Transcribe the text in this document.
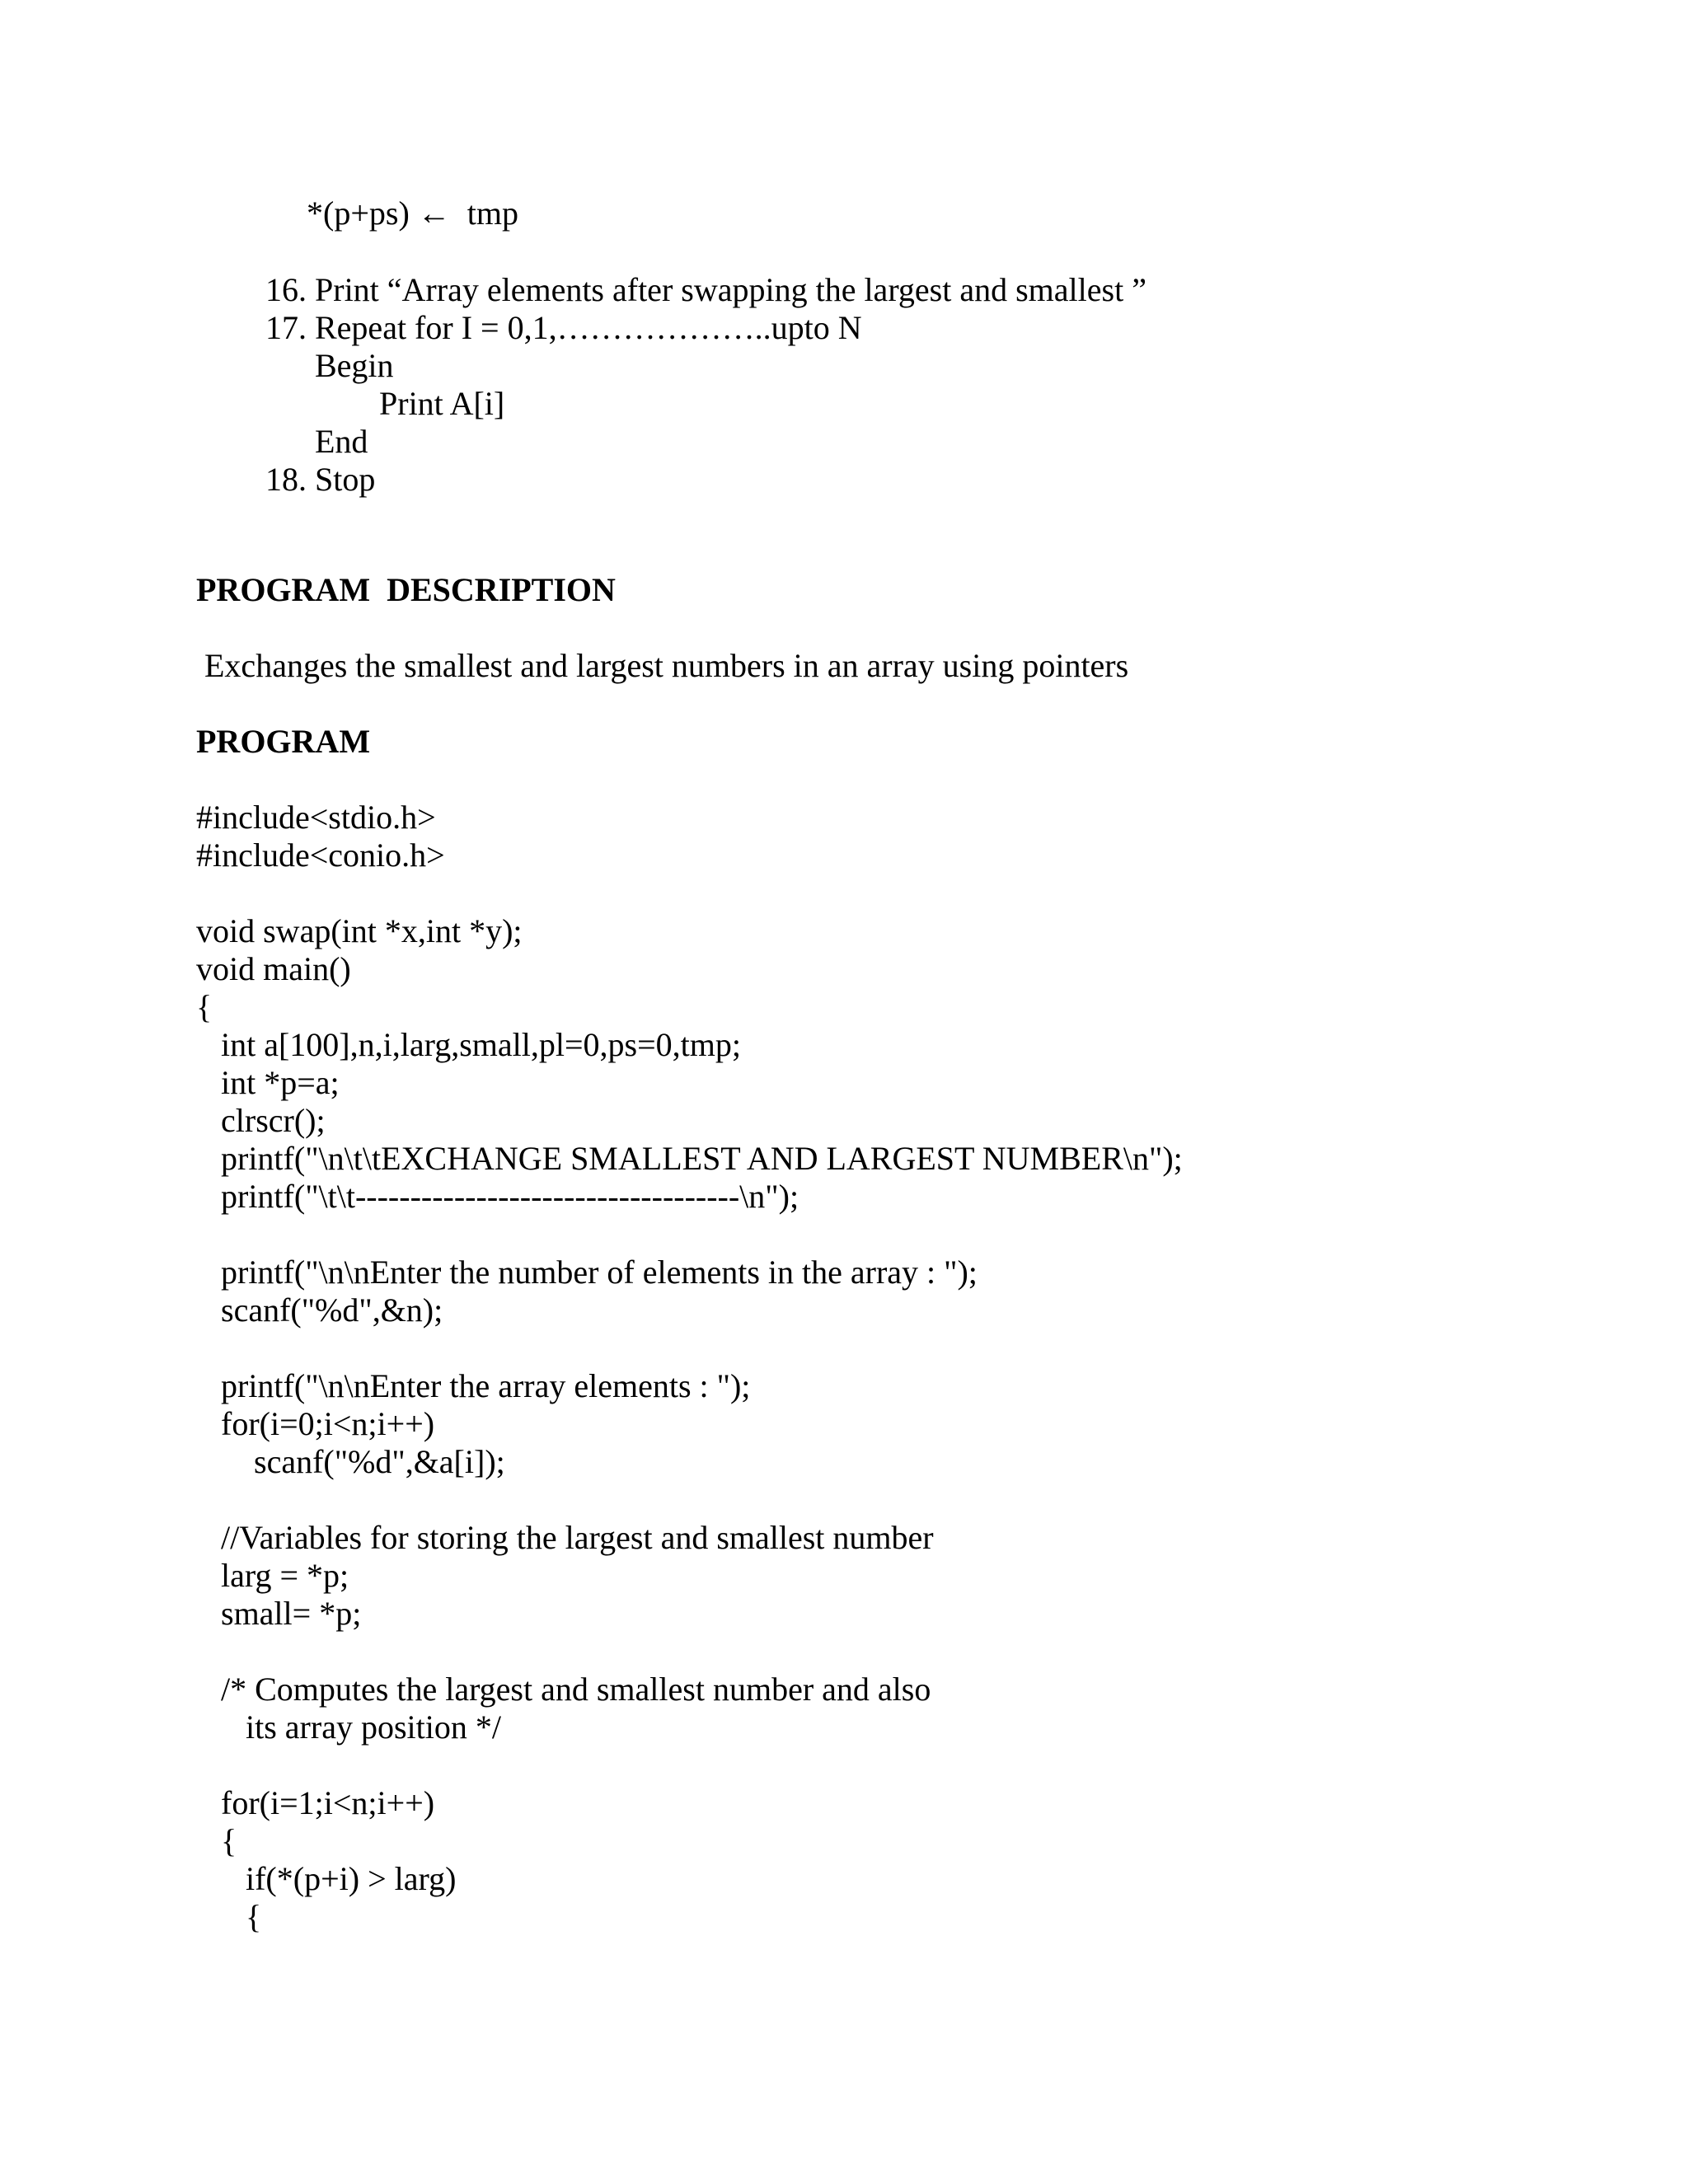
*(p+ps) ←  tmp
16. Print “Array elements after swapping the largest and smallest ”
17. Repeat for I = 0,1,………………..upto N
Begin
Print A[i]
End
18. Stop
PROGRAM  DESCRIPTION
Exchanges the smallest and largest numbers in an array using pointers
PROGRAM
#include<stdio.h>
#include<conio.h>
void swap(int *x,int *y);
void main()
{
int a[100],n,i,larg,small,pl=0,ps=0,tmp;
int *p=a;
clrscr();
printf("\n\t\tEXCHANGE SMALLEST AND LARGEST NUMBER\n");
printf("\t\t-----------------------------------\n");
printf("\n\nEnter the number of elements in the array : ");
scanf("%d",&n);
printf("\n\nEnter the array elements : ");
for(i=0;i<n;i++)
scanf("%d",&a[i]);
//Variables for storing the largest and smallest number
larg = *p;
small= *p;
/* Computes the largest and smallest number and also
its array position */
for(i=1;i<n;i++)
{
if(*(p+i) > larg)
{
